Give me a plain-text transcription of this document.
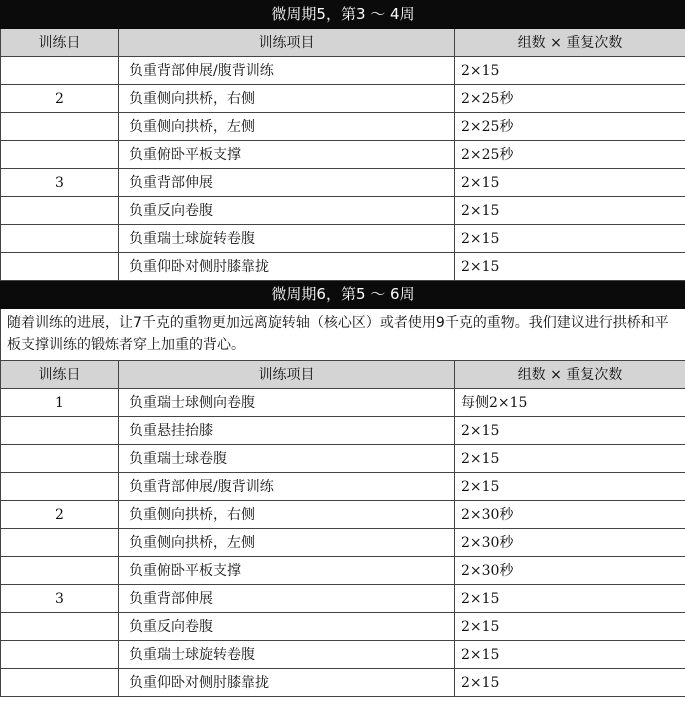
微周期5，第3 ～ 4周		
训练日	训练项目	组数 × 重复次数
	负重背部伸展/腹背训练	2×15
2	负重侧向拱桥，右侧	2×25秒
	负重侧向拱桥，左侧	2×25秒
	负重俯卧平板支撑	2×25秒
3	负重背部伸展	2×15
	负重反向卷腹	2×15
	负重瑞士球旋转卷腹	2×15
	负重仰卧对侧肘膝靠拢	2×15
微周期6，第5 ～ 6周		
随着训练的进展，让7千克的重物更加远离旋转轴（核心区）或者使用9千克的重物。我们建议进行拱桥和平板支撑训练的锻炼者穿上加重的背心。		
训练日	训练项目	组数 × 重复次数
1	负重瑞士球侧向卷腹	每侧2×15
	负重悬挂抬膝	2×15
	负重瑞士球卷腹	2×15
	负重背部伸展/腹背训练	2×15
2	负重侧向拱桥，右侧	2×30秒
	负重侧向拱桥，左侧	2×30秒
	负重俯卧平板支撑	2×30秒
3	负重背部伸展	2×15
	负重反向卷腹	2×15
	负重瑞士球旋转卷腹	2×15
	负重仰卧对侧肘膝靠拢	2×15
